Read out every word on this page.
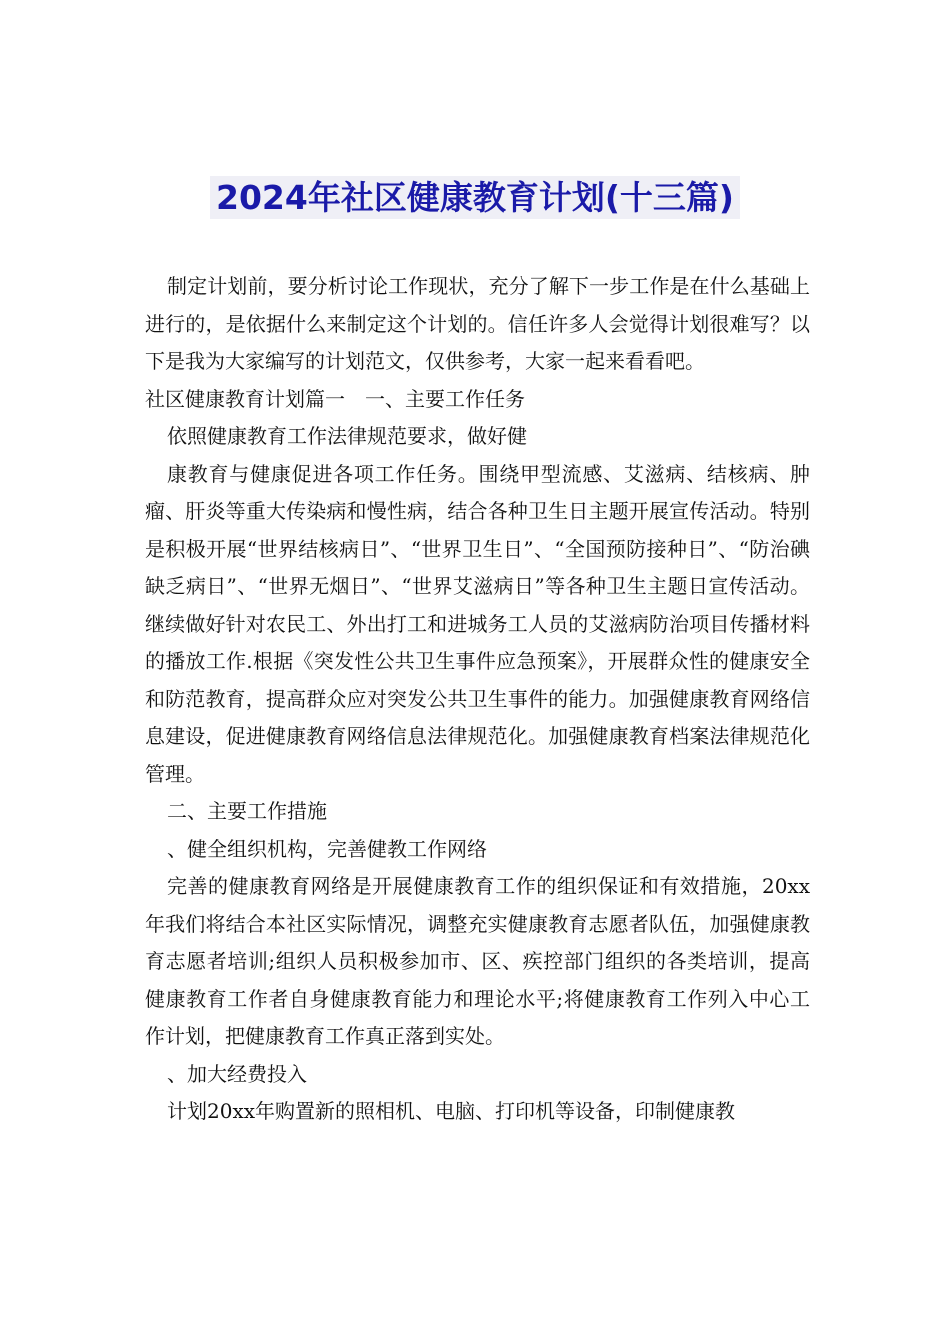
2024年社区健康教育计划(十三篇)

制定计划前，要分析讨论工作现状，充分了解下一步工作是在什么基础上进行的，是依据什么来制定这个计划的。信任许多人会觉得计划很难写？以下是我为大家编写的计划范文，仅供参考，大家一起来看看吧。

社区健康教育计划篇一　一、主要工作任务

依照健康教育工作法律规范要求，做好健

康教育与健康促进各项工作任务。围绕甲型流感、艾滋病、结核病、肿瘤、肝炎等重大传染病和慢性病，结合各种卫生日主题开展宣传活动。特别是积极开展“世界结核病日”、“世界卫生日”、“全国预防接种日”、“防治碘缺乏病日”、“世界无烟日”、“世界艾滋病日”等各种卫生主题日宣传活动。继续做好针对农民工、外出打工和进城务工人员的艾滋病防治项目传播材料的播放工作.根据《突发性公共卫生事件应急预案》，开展群众性的健康安全和防范教育，提高群众应对突发公共卫生事件的能力。加强健康教育网络信息建设，促进健康教育网络信息法律规范化。加强健康教育档案法律规范化管理。

二、主要工作措施

、健全组织机构，完善健教工作网络

完善的健康教育网络是开展健康教育工作的组织保证和有效措施，20xx年我们将结合本社区实际情况，调整充实健康教育志愿者队伍，加强健康教育志愿者培训;组织人员积极参加市、区、疾控部门组织的各类培训，提高健康教育工作者自身健康教育能力和理论水平;将健康教育工作列入中心工作计划，把健康教育工作真正落到实处。

、加大经费投入

计划20xx年购置新的照相机、电脑、打印机等设备，印制健康教
